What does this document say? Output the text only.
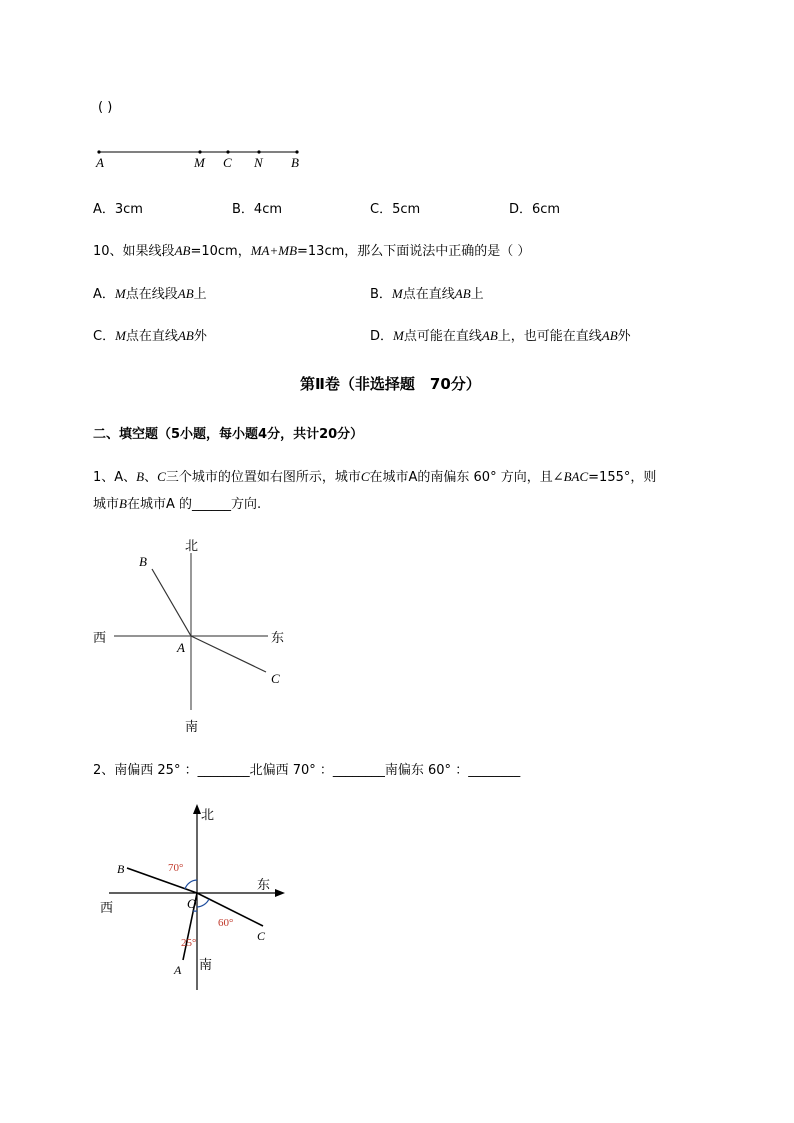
( )
A	M C N B
A．3cm	B．4cm	C．5cm	D．6cm
10、如果线段AB=10cm，MA+MB=13cm，那么下面说法中正确的是（ ）
A．M点在线段AB上	B．M点在直线AB上
C．M点在直线AB外	D．M点可能在直线AB上，也可能在直线AB外
第Ⅱ卷（非选择题　70分）
二、填空题（5小题，每小题4分，共计20分）
1、A、B、C三个城市的位置如右图所示，城市C在城市A的南偏东 60° 方向，且∠BAC=155°，则
城市B在城市A 的______方向.
北
南
西	东
A
B
C
2、南偏西 25° ：________北偏西 70° ：________南偏东 60° ：________
北
东
西
南
O
B
C
A
70°
60°
25°
